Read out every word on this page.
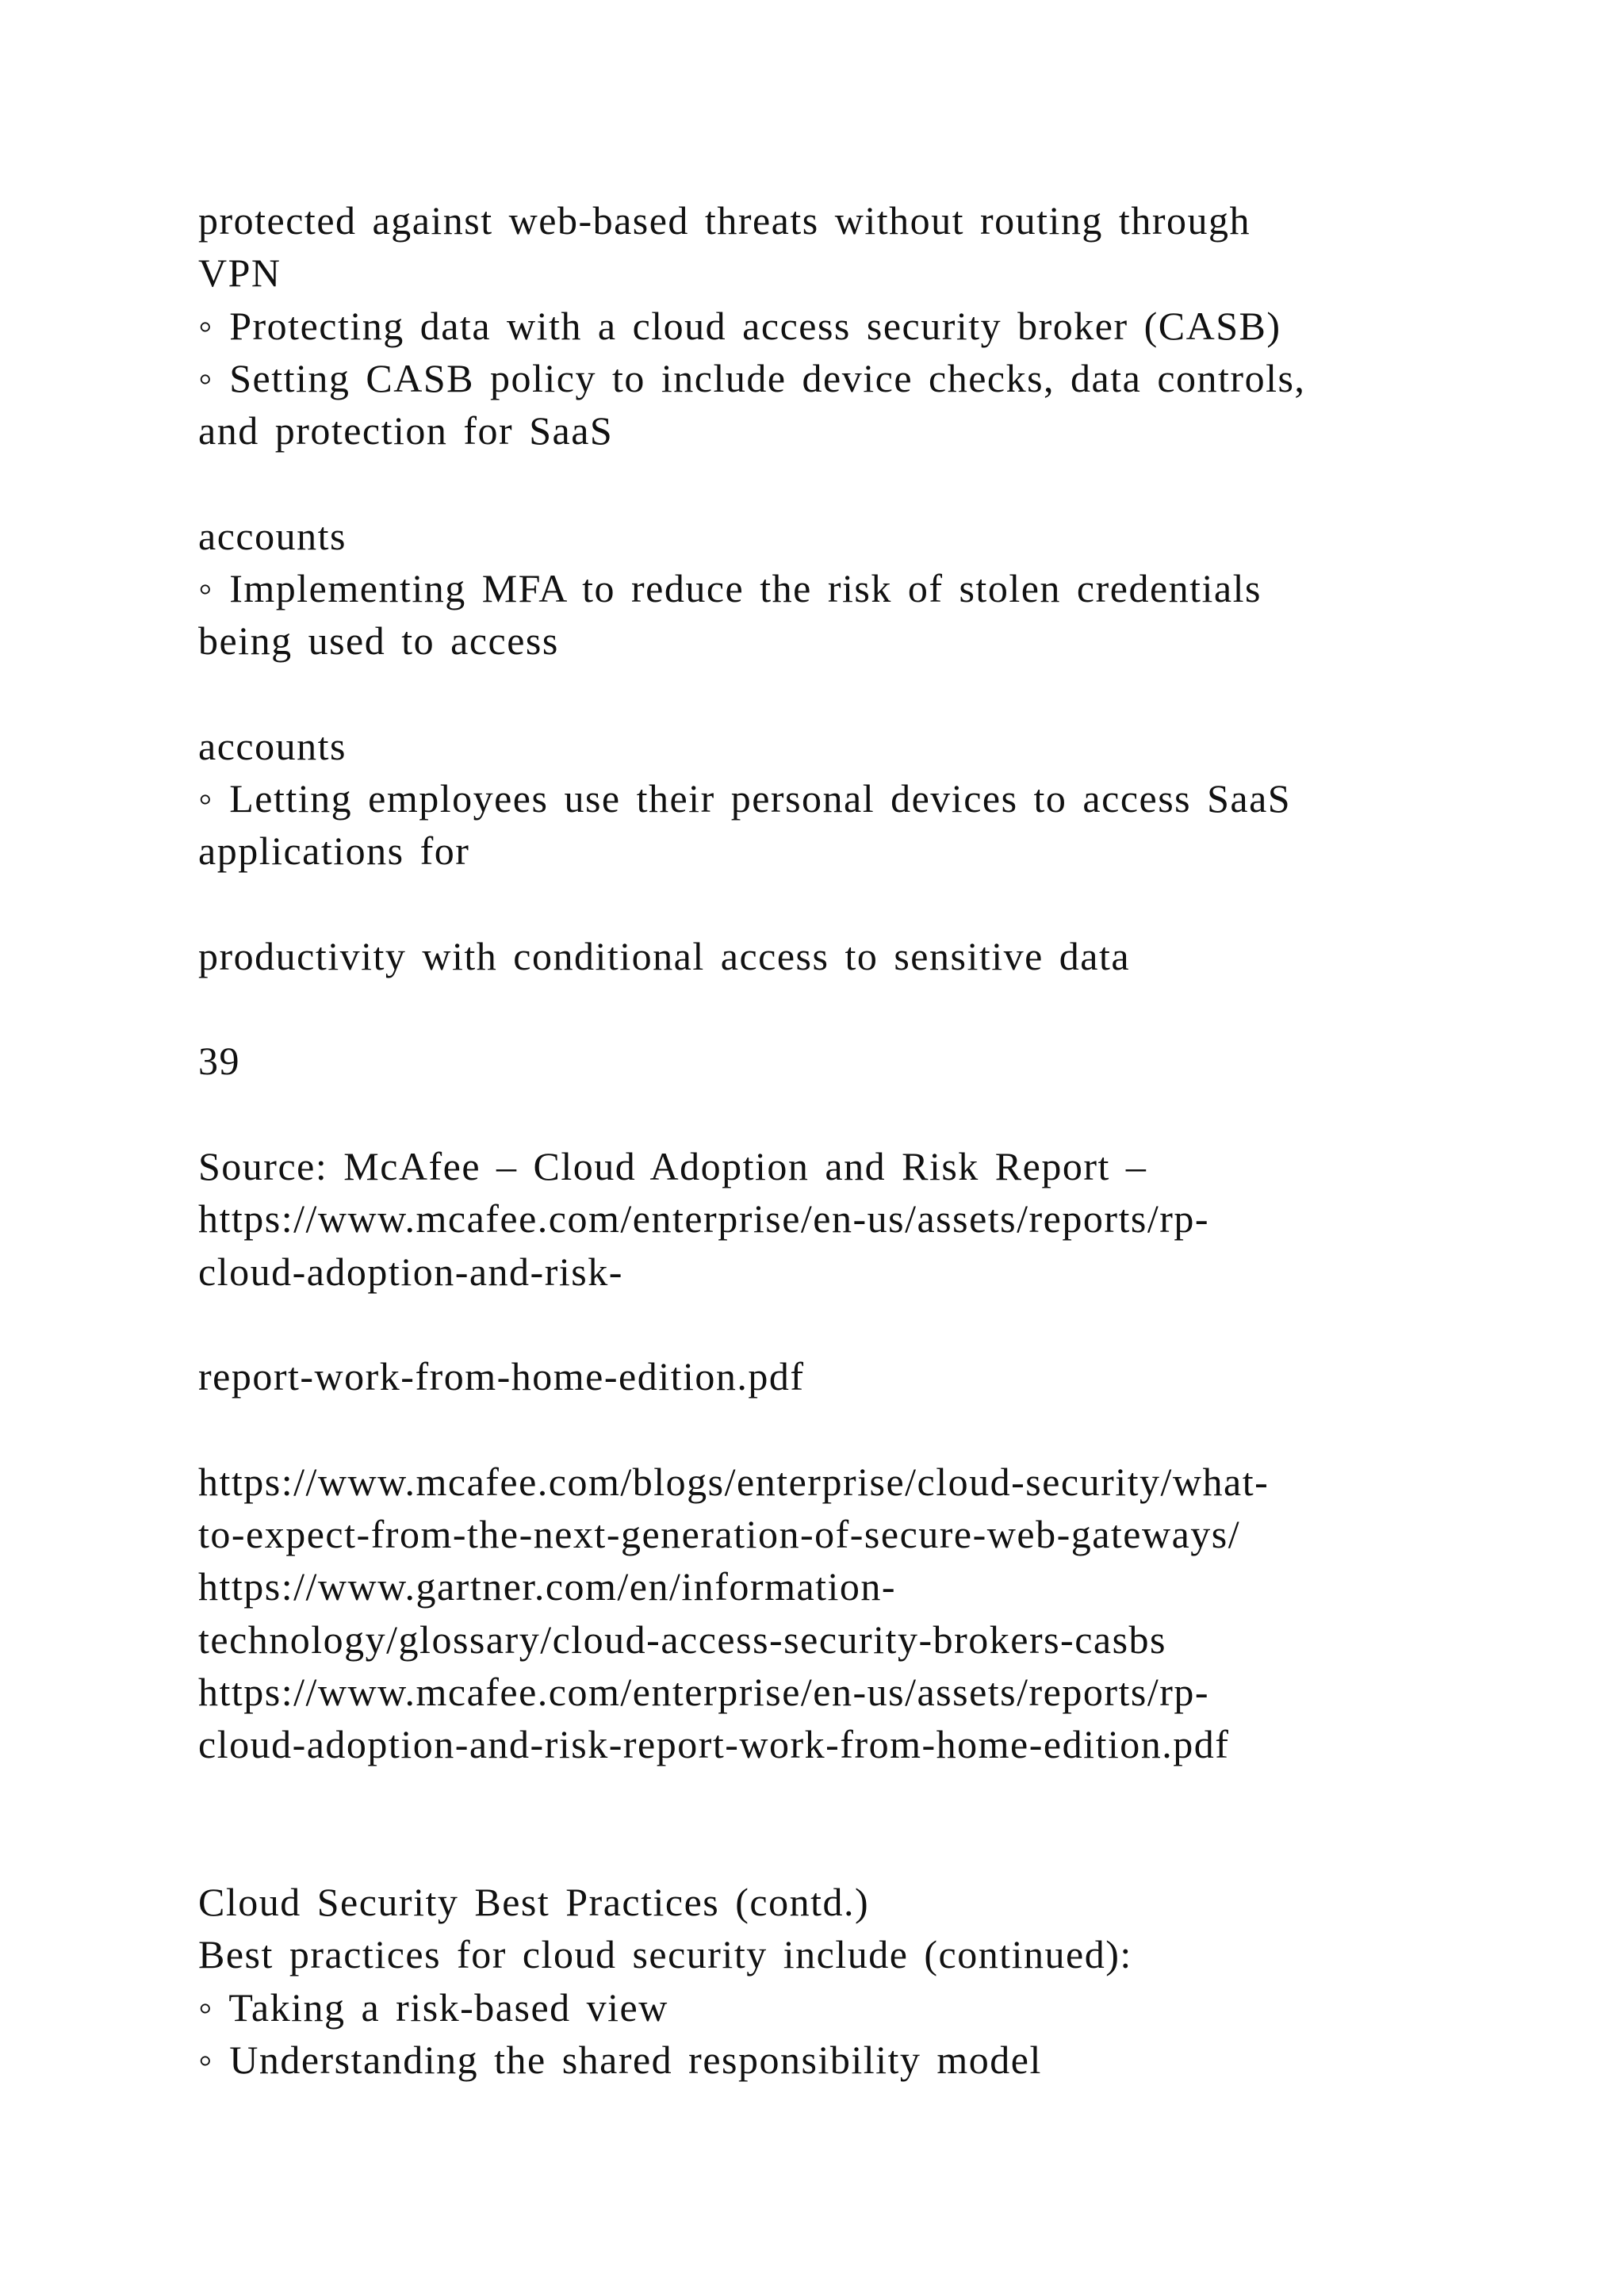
protected against web-based threats without routing through

VPN

◦ Protecting data with a cloud access security broker (CASB)

◦ Setting CASB policy to include device checks, data controls,

and protection for SaaS

accounts

◦ Implementing MFA to reduce the risk of stolen credentials

being used to access

accounts

◦ Letting employees use their personal devices to access SaaS

applications for

productivity with conditional access to sensitive data

39

Source: McAfee – Cloud Adoption and Risk Report –

https://www.mcafee.com/enterprise/en-us/assets/reports/rp-

cloud-adoption-and-risk-

report-work-from-home-edition.pdf

https://www.mcafee.com/blogs/enterprise/cloud-security/what-

to-expect-from-the-next-generation-of-secure-web-gateways/

https://www.gartner.com/en/information-

technology/glossary/cloud-access-security-brokers-casbs

https://www.mcafee.com/enterprise/en-us/assets/reports/rp-

cloud-adoption-and-risk-report-work-from-home-edition.pdf

Cloud Security Best Practices (contd.)

Best practices for cloud security include (continued):

◦ Taking a risk-based view

◦ Understanding the shared responsibility model
